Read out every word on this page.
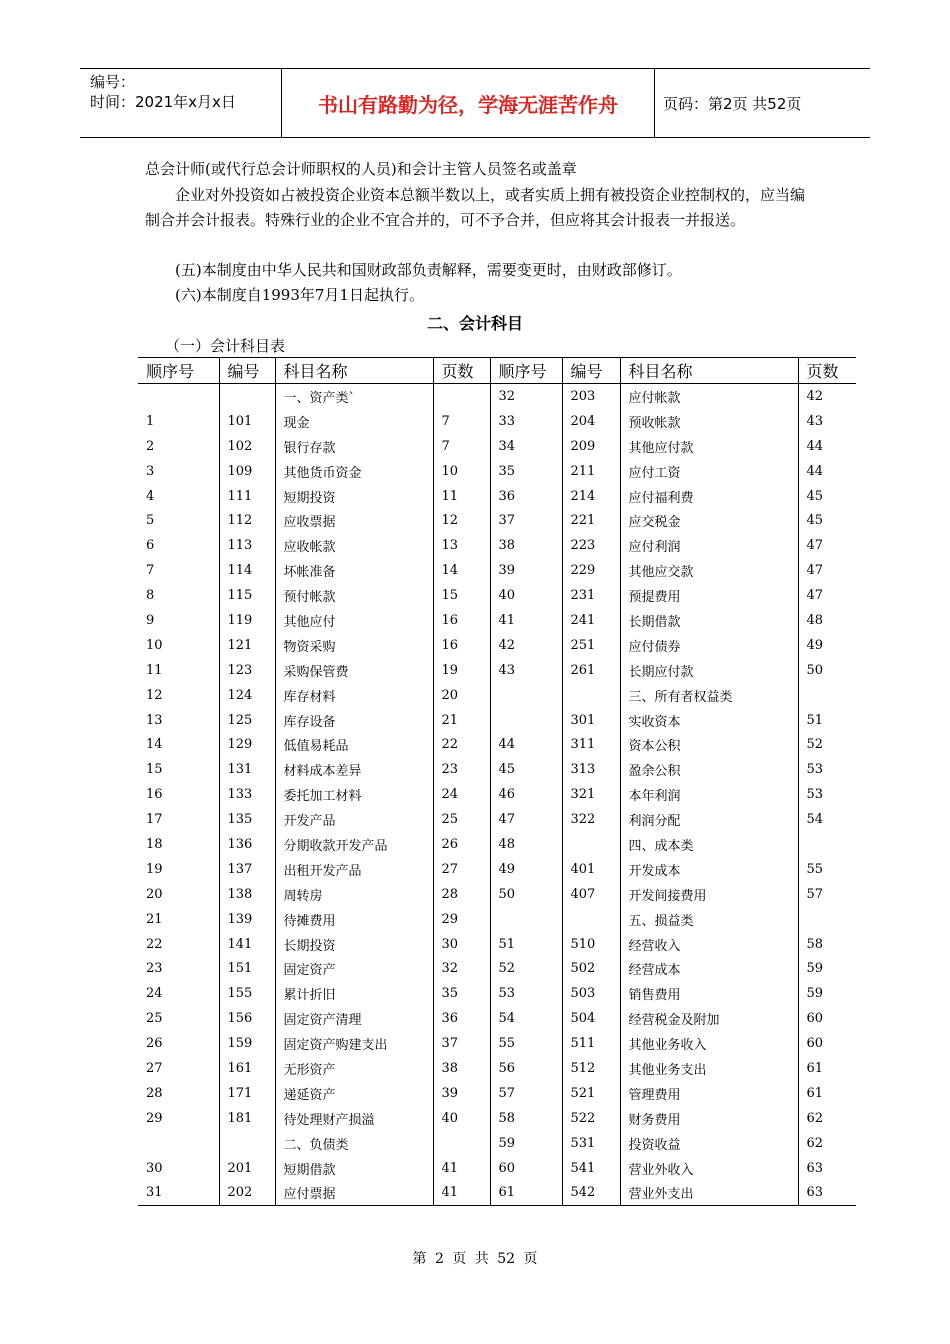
编号：
时间：2021年x月x日	书山有路勤为径，学海无涯苦作舟	页码：第2页 共52页
总会计师(或代行总会计师职权的人员)和会计主管人员签名或盖章
企业对外投资如占被投资企业资本总额半数以上，或者实质上拥有被投资企业控制权的，应当编制合并会计报表。特殊行业的企业不宜合并的，可不予合并，但应将其会计报表一并报送。
(五)本制度由中华人民共和国财政部负责解释，需要变更时，由财政部修订。
(六)本制度自1993年7月1日起执行。
二、会计科目
（一）会计科目表
顺序号	编号	科目名称	页数	顺序号	编号	科目名称	页数
		一、资产类`		32	203	应付帐款	42
1	101	现金	7	33	204	预收帐款	43
2	102	银行存款	7	34	209	其他应付款	44
3	109	其他货币资金	10	35	211	应付工资	44
4	111	短期投资	11	36	214	应付福利费	45
5	112	应收票据	12	37	221	应交税金	45
6	113	应收帐款	13	38	223	应付利润	47
7	114	坏帐准备	14	39	229	其他应交款	47
8	115	预付帐款	15	40	231	预提费用	47
9	119	其他应付	16	41	241	长期借款	48
10	121	物资采购	16	42	251	应付债券	49
11	123	采购保管费	19	43	261	长期应付款	50
12	124	库存材料	20			三、所有者权益类	
13	125	库存设备	21		301	实收资本	51
14	129	低值易耗品	22	44	311	资本公积	52
15	131	材料成本差异	23	45	313	盈余公积	53
16	133	委托加工材料	24	46	321	本年利润	53
17	135	开发产品	25	47	322	利润分配	54
18	136	分期收款开发产品	26	48		四、成本类	
19	137	出租开发产品	27	49	401	开发成本	55
20	138	周转房	28	50	407	开发间接费用	57
21	139	待摊费用	29			五、损益类	
22	141	长期投资	30	51	510	经营收入	58
23	151	固定资产	32	52	502	经营成本	59
24	155	累计折旧	35	53	503	销售费用	59
25	156	固定资产清理	36	54	504	经营税金及附加	60
26	159	固定资产购建支出	37	55	511	其他业务收入	60
27	161	无形资产	38	56	512	其他业务支出	61
28	171	递延资产	39	57	521	管理费用	61
29	181	待处理财产损溢	40	58	522	财务费用	62
		二、负债类		59	531	投资收益	62
30	201	短期借款	41	60	541	营业外收入	63
31	202	应付票据	41	61	542	营业外支出	63
第 2 页 共 52 页
